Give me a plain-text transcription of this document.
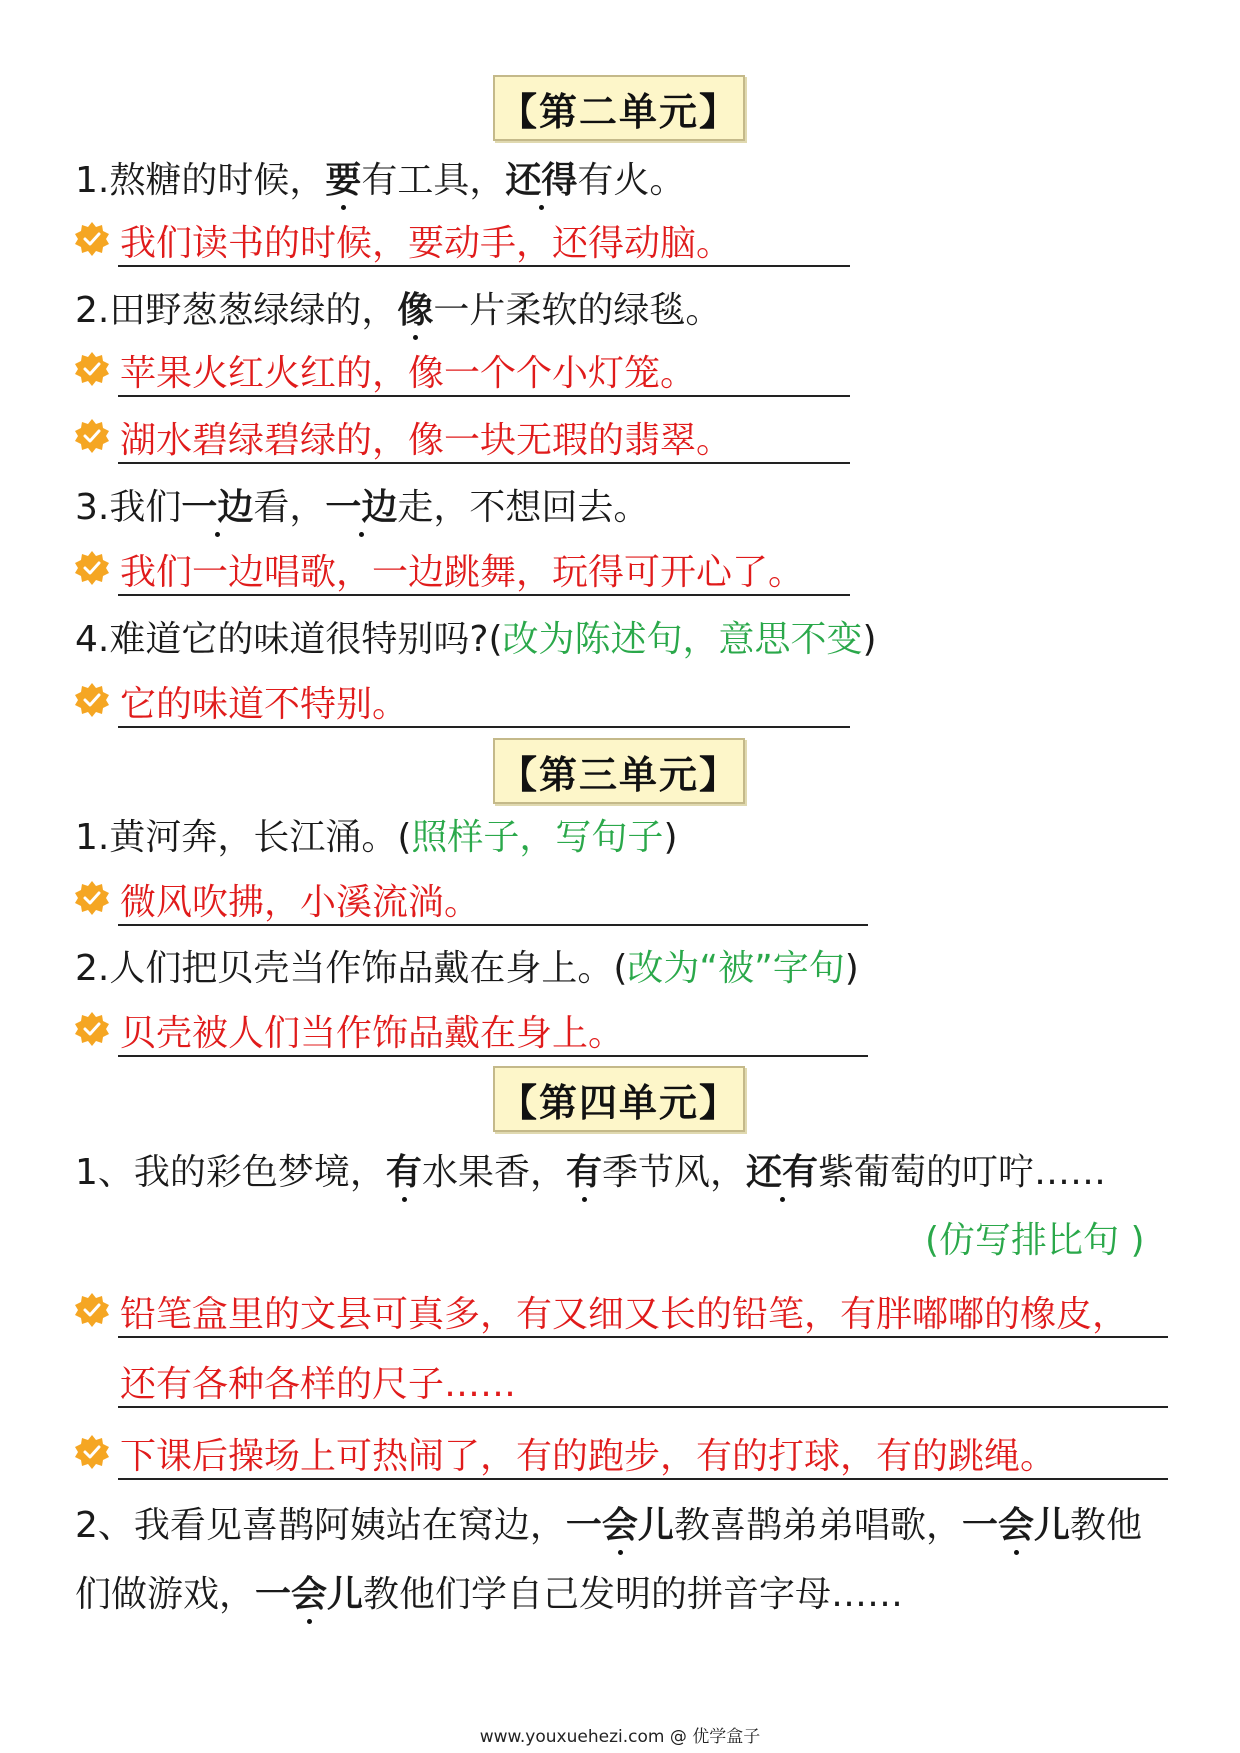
【第二单元】
1.熬糖的时候，要有工具，还得有火。
我们读书的时候，要动手，还得动脑。
2.田野葱葱绿绿的，像一片柔软的绿毯。
苹果火红火红的，像一个个小灯笼。
湖水碧绿碧绿的，像一块无瑕的翡翠。
3.我们一边看，一边走，不想回去。
我们一边唱歌，一边跳舞，玩得可开心了。
4.难道它的味道很特别吗?(改为陈述句，意思不变)
它的味道不特别。
【第三单元】
1.黄河奔，长江涌。(照样子，写句子)
微风吹拂，小溪流淌。
2.人们把贝壳当作饰品戴在身上。(改为“被”字句)
贝壳被人们当作饰品戴在身上。
【第四单元】
1、我的彩色梦境，有水果香，有季节风，还有紫葡萄的叮咛……
(仿写排比句 )
铅笔盒里的文县可真多，有又细又长的铅笔，有胖嘟嘟的橡皮，
还有各种各样的尺子……
下课后操场上可热闹了，有的跑步，有的打球，有的跳绳。
2、我看见喜鹊阿姨站在窝边，一会儿教喜鹊弟弟唱歌，一会儿教他
们做游戏，一会儿教他们学自己发明的拼音字母……
www.youxuehezi.com @ 优学盒子
